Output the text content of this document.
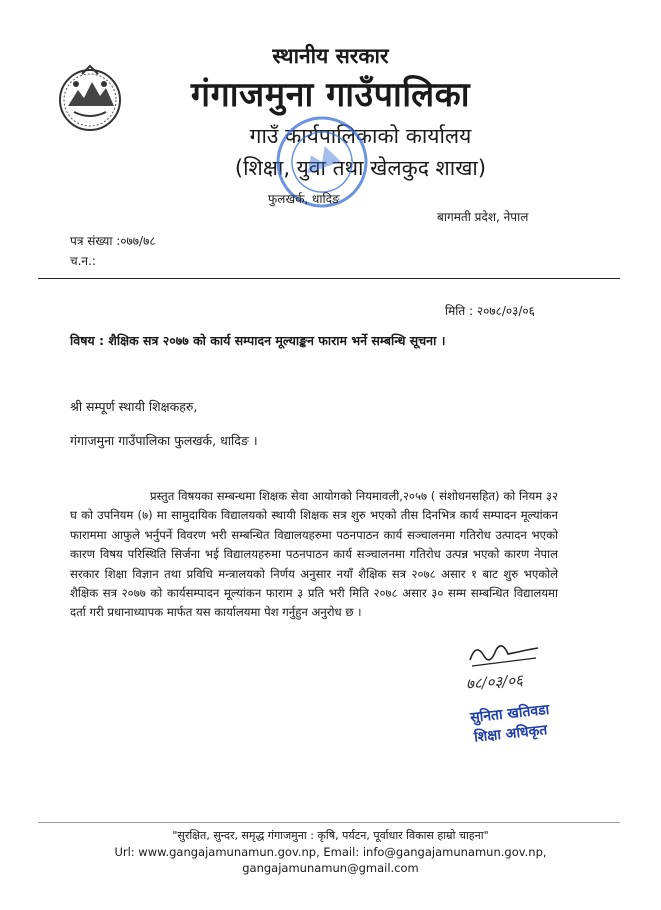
स्थानीय सरकार
गंगाजमुना गाउँपालिका
गाउँ कार्यपालिकाको कार्यालय
(शिक्षा, युवा तथा खेलकुद शाखा)
फुलखर्क, धादिङ
बागमती प्रदेश, नेपाल
पत्र संख्या :०७७/७८
च.न.:
मिति : २०७८/०३/०६
विषय : शैक्षिक सत्र २०७७ को कार्य सम्पादन मूल्याङ्कन फाराम भर्ने सम्बन्धि सूचना ।
श्री सम्पूर्ण स्थायी शिक्षकहरु,
गंगाजमुना गाउँपालिका फुलखर्क, धादिङ ।
प्रस्तुत विषयका सम्बन्धमा शिक्षक सेवा आयोगको नियमावली,२०५७ ( संशोधनसहित) को नियम ३२ घ को उपनियम (७) मा सामुदायिक विद्यालयको स्थायी शिक्षक सत्र शुरु भएको तीस दिनभित्र कार्य सम्पादन मूल्यांकन फाराममा आफुले भर्नुपर्ने विवरण भरी सम्बन्धित विद्यालयहरुमा पठनपाठन कार्य सञ्चालनमा गतिरोध उत्पादन भएको कारण विषय परिस्थिति सिर्जना भई विद्यालयहरुमा पठनपाठन कार्य सञ्चालनमा गतिरोध उत्पन्न भएको कारण नेपाल सरकार शिक्षा विज्ञान तथा प्रविधि मन्त्रालयको निर्णय अनुसार नयाँ शैक्षिक सत्र २०७८ असार १ बाट शुरु भएकोले शैक्षिक सत्र २०७७ को कार्यसम्पादन मूल्यांकन फाराम ३ प्रति भरी मिति २०७८ असार ३० सम्म सम्बन्धित विद्यालयमा दर्ता गरी प्रधानाध्यापक मार्फत यस कार्यालयमा पेश गर्नुहुन अनुरोध छ ।
७८/०३/०६
सुनिता खतिवडा
शिक्षा अधिकृत
"सुरक्षित, सुन्दर, समृद्ध गंगाजमुना : कृषि, पर्यटन, पूर्वाधार विकास हाम्रो चाहना"
Url: www.gangajamunamun.gov.np, Email: info@gangajamunamun.gov.np,
gangajamunamun@gmail.com
